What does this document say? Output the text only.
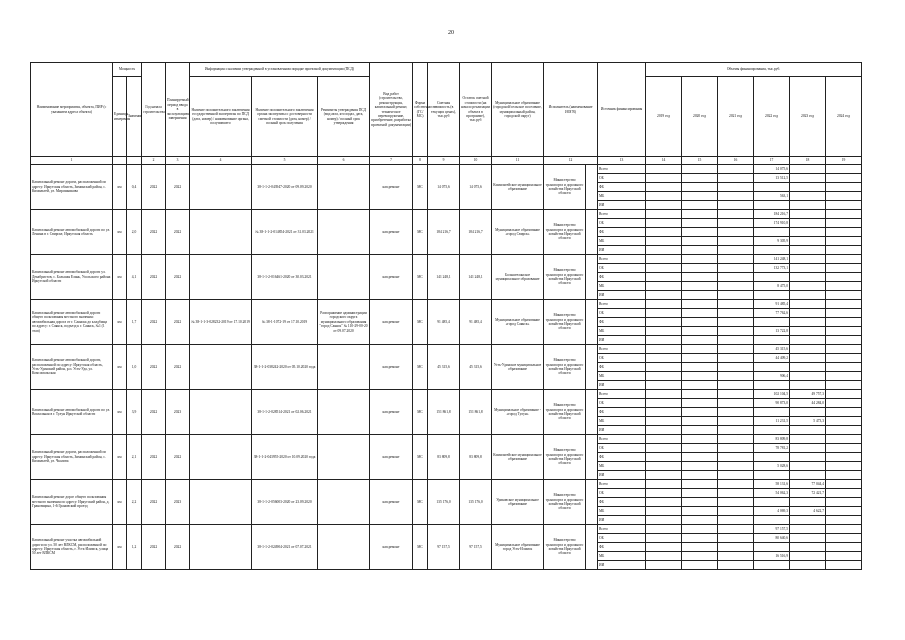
20
Наименование мероприятия, объекта, ПИР (с указанием адреса объекта)	Мощность		Год начала строительства	Планируемый период ввода в эксплуатацию/ завершения	Информация о наличии утвержденной в установленном порядке проектной документации (ПСД)			Вид работ (строительство, реконструкция, капитальный ремонт, техническое перевооружение, приобретение, разработка проектной документации)	Форма собственности (ГС/МС)	Сметная стоимость (в текущих ценах), тыс.руб	Остаток сметной стоимости (на начало реализации объекта в программе), тыс.руб	Муниципальное образование (городской/сельское поселение, муниципальный район, городской округ)	Исполнитель (наименование ИОГВ)		Источник финансирования	Объемы финансирования, тыс.руб.					
	Единицы измерения	Значение			Наличие положительного заключения государственной экспертизы по ПСД (дата, номер) / наименование органа, получившего	Наличие положительного заключения органа экспертизы о достоверности сметной стоимости (дата, номер) / полный срок получения	Реквизиты утверждения ПСД (вид акта, кто издал, дата, номер) / полный срок утверждения									2019 год	2020 год	2021 год	2022 год	2023 год	2024 год
1			2	3	4	5	6	7	8	9	10	11	12		13	14	15	16	17	18	19
Капитальный ремонт дороги, расположенной по адресу: Иркутская область, Зиминский район, с. Кимильтей, ул. Мирошникова	км	0,4	2022	2022		38-1-1-2-043947-2020 от 09.09.2020		кап.ремонт	МС	14 075,6	14 075,6	Кимильтейское муниципальное образование	Министерство транспорта и дорожного хозяйства Иркутской области		Всего				14 075,6		
															ОБ				13 512,5		
															ФБ						
															МБ				563,1		
															ИИ						
Капитальный ремонт автомобильной дороги по ул. Ленина в г. Свирске, Иркутская область	км	2,0	2022	2022		№ 38-1-1-2-014854-2021 от 31.03.2021		кап.ремонт	МС	184 216,7	184 216,7	Муниципальное образование «город Свирск»	Министерство транспорта и дорожного хозяйства Иркутской области		Всего				184 216,7		
															ОБ				174 910,8		
															ФБ						
															МБ				9 305,9		
															ИИ						
Капитальный ремонт автомобильной дороги ул. Декабристов, с. Большая Елань, Усольского района Иркутской области	км	4,1	2022	2022		38-1-1-2-016461-2020 от 30.03.2021		кап.ремонт	МС	141 248,1	141 248,1	Большееланское муниципальное образование	Министерство транспорта и дорожного хозяйства Иркутской области		Всего				141 248,1		
															ОБ				132 773,1		
															ФБ						
															МБ				8 475,0		
															ИИ						
Капитальный ремонт автомобильной дороги общего пользования местного значения: автомобильная дорога от г. Саянска до кладбища по адресу: г. Саянск, подъезд к г. Саянск, №1 (1 этап)	км	1,7	2022	2022	№ 38-1-1-3-028232-2019 от 17.10.2019	№ 38-1-1072-19 от 17.10.2019	Распоряжение администрации городского округа муниципального образования "город Саянск" № 110-29-00-20 от 09.07.2020	кап.ремонт	МС	91 485,4	91 485,4	Муниципальное образование «город Саянск»	Министерство транспорта и дорожного хозяйства Иркутской области		Всего				91 485,4		
															ОБ				77 762,6		
															ФБ						
															МБ				13 722,8		
															ИИ						
Капитальный ремонт автомобильной дороги, расположенной по адресу: Иркутская область, Усть-Удинский район, р.п. Усть-Уда, ул. Комсомольская	км	1,0	2022	2022		38-1-1-2-038242-2020 от 05.10.2020 года		кап.ремонт	МС	45 315,6	45 315,6	Усть-Удинское муниципальное образование	Министерство транспорта и дорожного хозяйства Иркутской области		Всего				45 315,6		
															ОБ				44 409,2		
															ФБ						
															МБ				906,4		
															ИИ						
Капитальный ремонт автомобильной дороги по ул. Вокзальная в г. Тулун Иркутской области	км	3,9	2022	2023		38-1-1-2-028514-2021 от 02.06.2021		кап.ремонт	МС	151 861,8	151 861,8	Муниципальное образование - «город Тулун»	Министерство транспорта и дорожного хозяйства Иркутской области		Всего				102 104,5	49 757,3	
															ОБ				90 873,0	44 284,0	
															ФБ						
															МБ				11 231,5	5 473,3	
															ИИ						
Капитальный ремонт дороги, расположенной по адресу: Иркутская область, Зиминский район, с. Кимильтей, ул. Чкалова	км	2,1	2022	2022		38-1-1-2-043955-2020 от 10.09.2020 года		кап.ремонт	МС	83 809,8	83 809,8	Кимильтейское муниципальное образование	Министерство транспорта и дорожного хозяйства Иркутской области		Всего				83 809,8		
															ОБ				78 781,2		
															ФБ						
															МБ				5 028,6		
															ИИ						
Капитальный ремонт дорог общего пользования местного значения по адресу: Иркутский район, д. Грановщина, 1-й Грановский проезд	км	2,2	2022	2023		38-1-1-2-056003-2020 от 23.09.2020		кап.ремонт	МС	135 176,0	135 176,0	Уриковское муниципальное образование	Министерство транспорта и дорожного хозяйства Иркутской области		Всего				58 131,6	77 044,4	
															ОБ				54 062,3	72 421,7	
															ФБ						
															МБ				4 069,3	4 622,7	
															ИИ						
Капитальный ремонт участка автомобильной дороги по ул. 50 лет ВЛКСМ, расположенной по адресу: Иркутская область, г. Усть-Илимск, улица 50 лет ВЛКСМ	км	1,2	2022	2022		38-1-1-2-024904-2021 от 07.07.2021		кап.ремонт	МС	97 157,5	97 157,5	Муниципальное образование город Усть-Илимск	Министерство транспорта и дорожного хозяйства Иркутской области		Всего				97 157,5		
															ОБ				80 640,6		
															ФБ						
															МБ				16 516,9		
															ИИ						
